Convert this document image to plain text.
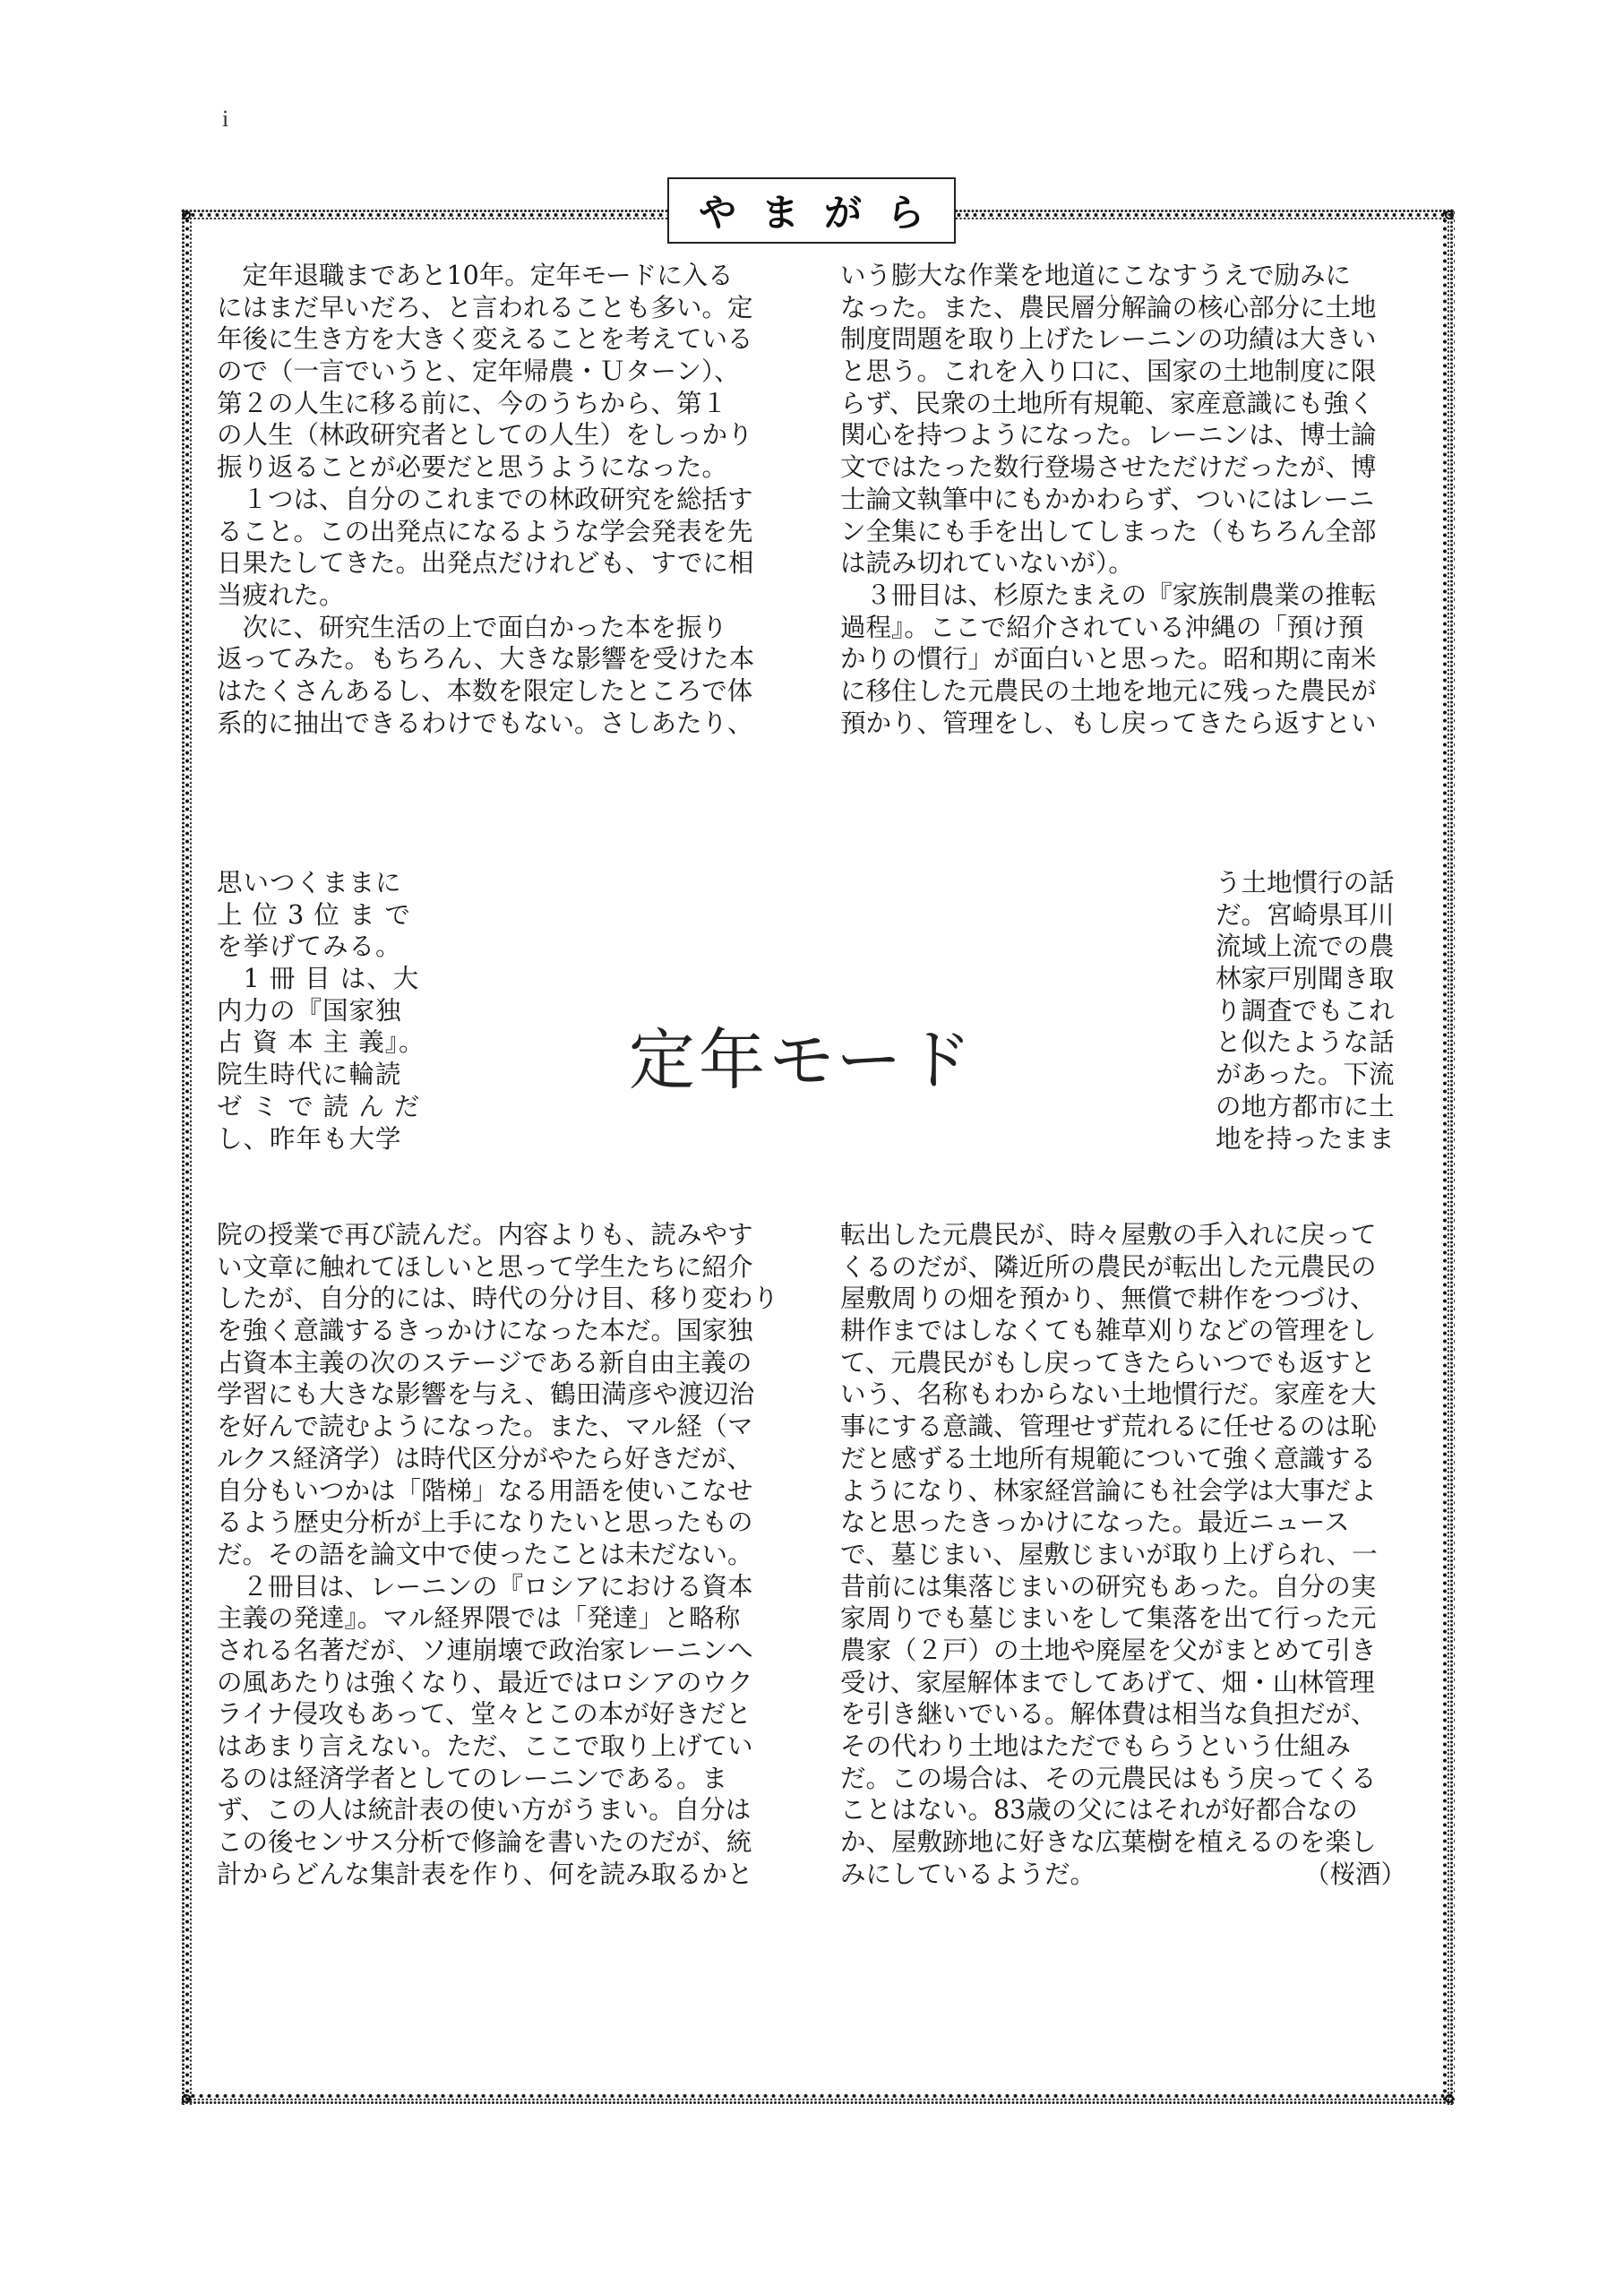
i
やまがら
　定年退職まであと10年。定年モードに入る
にはまだ早いだろ、と言われることも多い。定
年後に生き方を大きく変えることを考えている
ので（一言でいうと、定年帰農・Ｕターン）、
第２の人生に移る前に、今のうちから、第１
の人生（林政研究者としての人生）をしっかり
振り返ることが必要だと思うようになった。
　１つは、自分のこれまでの林政研究を総括す
ること。この出発点になるような学会発表を先
日果たしてきた。出発点だけれども、すでに相
当疲れた。
　次に、研究生活の上で面白かった本を振り
返ってみた。もちろん、大きな影響を受けた本
はたくさんあるし、本数を限定したところで体
系的に抽出できるわけでもない。さしあたり、
思いつくままに
上 位 3 位 ま で
を挙げてみる。
　1 冊 目 は、大
内力の『国家独
占 資 本 主 義』。
院生時代に輪読
ゼ ミ で 読 ん だ
し、昨年も大学
院の授業で再び読んだ。内容よりも、読みやす
い文章に触れてほしいと思って学生たちに紹介
したが、自分的には、時代の分け目、移り変わり
を強く意識するきっかけになった本だ。国家独
占資本主義の次のステージである新自由主義の
学習にも大きな影響を与え、鶴田満彦や渡辺治
を好んで読むようになった。また、マル経（マ
ルクス経済学）は時代区分がやたら好きだが、
自分もいつかは「階梯」なる用語を使いこなせ
るよう歴史分析が上手になりたいと思ったもの
だ。その語を論文中で使ったことは未だない。
　２冊目は、レーニンの『ロシアにおける資本
主義の発達』。マル経界隈では「発達」と略称
される名著だが、ソ連崩壊で政治家レーニンへ
の風あたりは強くなり、最近ではロシアのウク
ライナ侵攻もあって、堂々とこの本が好きだと
はあまり言えない。ただ、ここで取り上げてい
るのは経済学者としてのレーニンである。ま
ず、この人は統計表の使い方がうまい。自分は
この後センサス分析で修論を書いたのだが、統
計からどんな集計表を作り、何を読み取るかと
いう膨大な作業を地道にこなすうえで励みに
なった。また、農民層分解論の核心部分に土地
制度問題を取り上げたレーニンの功績は大きい
と思う。これを入り口に、国家の土地制度に限
らず、民衆の土地所有規範、家産意識にも強く
関心を持つようになった。レーニンは、博士論
文ではたった数行登場させただけだったが、博
士論文執筆中にもかかわらず、ついにはレーニ
ン全集にも手を出してしまった（もちろん全部
は読み切れていないが）。
　３冊目は、杉原たまえの『家族制農業の推転
過程』。ここで紹介されている沖縄の「預け預
かりの慣行」が面白いと思った。昭和期に南米
に移住した元農民の土地を地元に残った農民が
預かり、管理をし、もし戻ってきたら返すとい
う土地慣行の話
だ。宮崎県耳川
流域上流での農
林家戸別聞き取
り調査でもこれ
と似たような話
があった。下流
の地方都市に土
地を持ったまま
転出した元農民が、時々屋敷の手入れに戻って
くるのだが、隣近所の農民が転出した元農民の
屋敷周りの畑を預かり、無償で耕作をつづけ、
耕作まではしなくても雑草刈りなどの管理をし
て、元農民がもし戻ってきたらいつでも返すと
いう、名称もわからない土地慣行だ。家産を大
事にする意識、管理せず荒れるに任せるのは恥
だと感ずる土地所有規範について強く意識する
ようになり、林家経営論にも社会学は大事だよ
なと思ったきっかけになった。最近ニュース
で、墓じまい、屋敷じまいが取り上げられ、一
昔前には集落じまいの研究もあった。自分の実
家周りでも墓じまいをして集落を出て行った元
農家（２戸）の土地や廃屋を父がまとめて引き
受け、家屋解体までしてあげて、畑・山林管理
を引き継いでいる。解体費は相当な負担だが、
その代わり土地はただでもらうという仕組み
だ。この場合は、その元農民はもう戻ってくる
ことはない。83歳の父にはそれが好都合なの
か、屋敷跡地に好きな広葉樹を植えるのを楽し
みにしているようだ。	（桜酒）
定年モード
